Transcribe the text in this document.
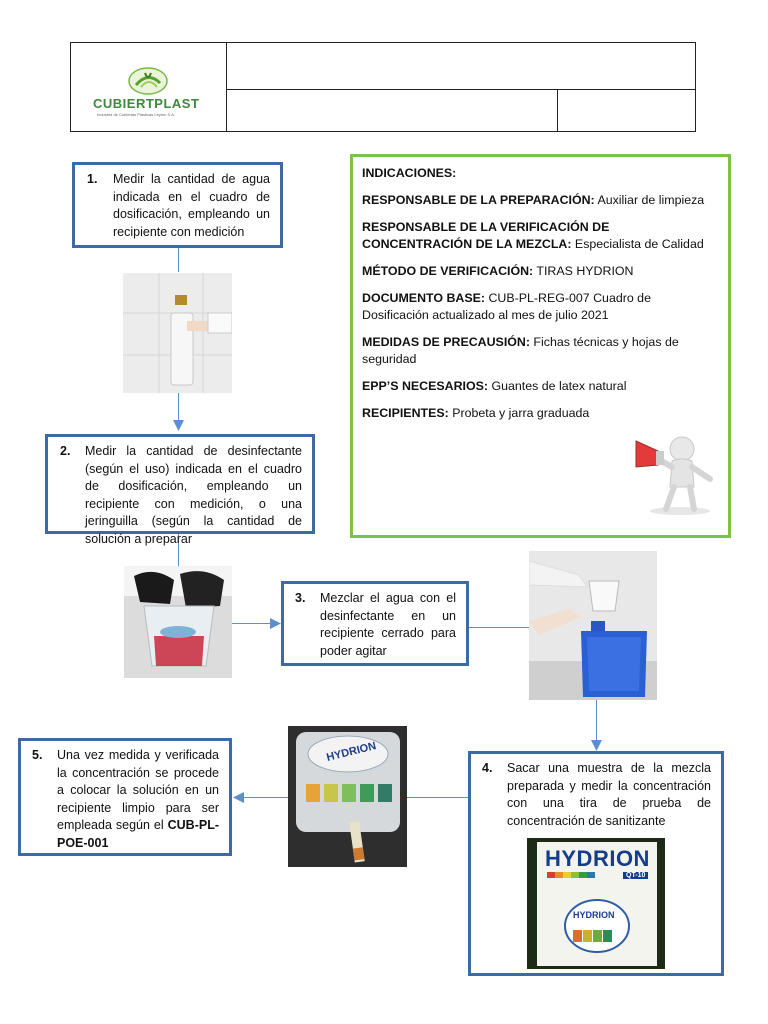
CUBIERTPLAST
Industria de Cubiertas Plásticas Leyton S.A.
1. Medir la cantidad de agua indicada en el cuadro de dosificación, empleando un recipiente con medición
2. Medir la cantidad de desinfectante (según el uso) indicada en el cuadro de dosificación, empleando un recipiente con medición, o una jeringuilla (según la cantidad de solución a preparar
3. Mezclar el agua con el desinfectante en un recipiente cerrado para poder agitar
4. Sacar una muestra de la mezcla preparada y medir la concentración con una tira de prueba de concentración de sanitizante
5. Una vez medida y verificada la concentración se procede a colocar la solución en un recipiente limpio para ser empleada según el CUB-PL-POE-001

INDICACIONES:

RESPONSABLE DE LA PREPARACIÓN: Auxiliar de limpieza

RESPONSABLE DE LA VERIFICACIÓN DE CONCENTRACIÓN DE LA MEZCLA: Especialista de Calidad

MÉTODO DE VERIFICACIÓN: TIRAS HYDRION

DOCUMENTO BASE: CUB-PL-REG-007 Cuadro de Dosificación actualizado al mes de julio 2021

MEDIDAS DE PRECAUSIÓN: Fichas técnicas y hojas de seguridad

EPP’S NECESARIOS: Guantes de latex natural

RECIPIENTES: Probeta y jarra graduada

HYDRION
HYDRION
QT-10
HYDRION
